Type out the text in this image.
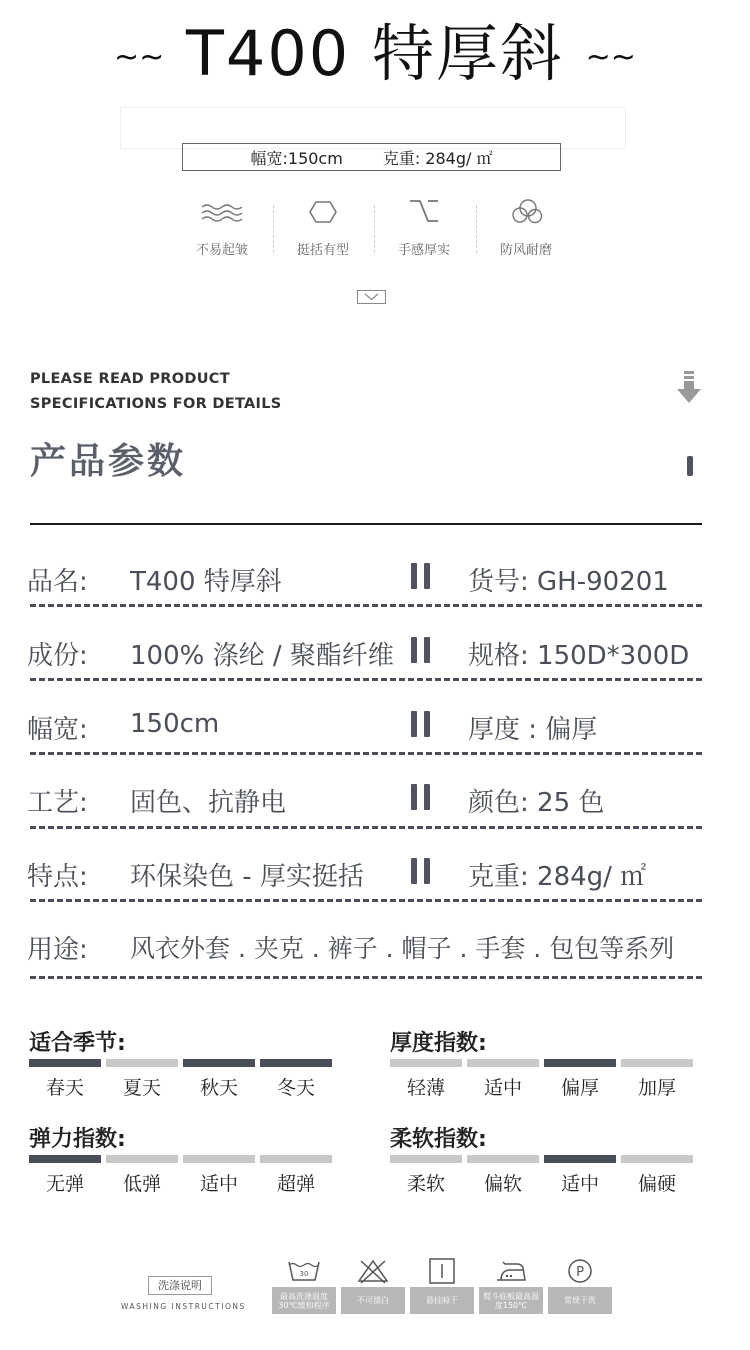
~~ T400 特厚斜 ~~
幅宽:150cm	克重: 284g/ ㎡
不易起皱	挺括有型	手感厚实	防风耐磨
PLEASE READ PRODUCT
SPECIFICATIONS FOR DETAILS
产品参数
品名: T400 特厚斜	货号: GH-90201
成份: 100% 涤纶 / 聚酯纤维	规格: 150D*300D
幅宽: 150cm	厚度 : 偏厚
工艺: 固色、抗静电	颜色: 25 色
特点: 环保染色 - 厚实挺括	克重: 284g/ ㎡
用途: 风衣外套 . 夹克 . 裤子 . 帽子 . 手套 . 包包等系列
适合季节:
春天	夏天	秋天	冬天
厚度指数:
轻薄	适中	偏厚	加厚
弹力指数:
无弹	低弹	适中	超弹
柔软指数:
柔软	偏软	适中	偏硬
洗涤说明
WASHING INSTRUCTIONS
30
最高洗涤温度30℃缓和程序	不可漂白	悬挂晾干	熨斗底板最高温度150℃
P
常规干洗
